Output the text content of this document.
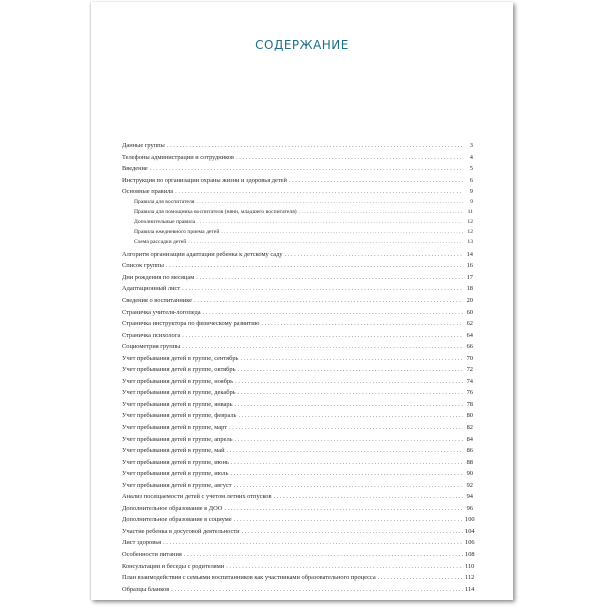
СОДЕРЖАНИЕ
Данные группы . . .	3
Телефоны администрации и сотрудников . . .	4
Введение . . .	5
Инструкция по организации охраны жизни и здоровья детей . . .	6
Основные правила . . .	9
Правила для воспитателя . . .	9
Правила для помощника воспитателя (няни, младшего воспитателя) . . .	11
Дополнительные правила . . .	12
Правила ежедневного приема детей . . .	12
Схема рассадки детей . . .	13
Алгоритм организации адаптации ребенка к детскому саду . . .	14
Список группы . . .	16
Дни рождения по месяцам . . .	17
Адаптационный лист . . .	18
Сведения о воспитаннике . . .	20
Страничка учителя-логопеда . . .	60
Страничка инструктора по физическому развитию . . .	62
Страничка психолога . . .	64
Социометрия группы . . .	66
Учет пребывания детей в группе, сентябрь . . .	70
Учет пребывания детей в группе, октябрь . . .	72
Учет пребывания детей в группе, ноябрь . . .	74
Учет пребывания детей в группе, декабрь . . .	76
Учет пребывания детей в группе, январь . . .	78
Учет пребывания детей в группе, февраль . . .	80
Учет пребывания детей в группе, март . . .	82
Учет пребывания детей в группе, апрель . . .	84
Учет пребывания детей в группе, май . . .	86
Учет пребывания детей в группе, июнь . . .	88
Учет пребывания детей в группе, июль . . .	90
Учет пребывания детей в группе, август . . .	92
Анализ посещаемости детей с учетом летних отпусков . . .	94
Дополнительное образование в ДОО . . .	96
Дополнительное образование в социуме . . .	100
Участие ребенка в досуговой деятельности . . .	104
Лист здоровья . . .	106
Особенности питания . . .	108
Консультации и беседы с родителями . . .	110
План взаимодействия с семьями воспитанников как участниками образовательного процесса . . .	112
Образцы бланков . . .	114
